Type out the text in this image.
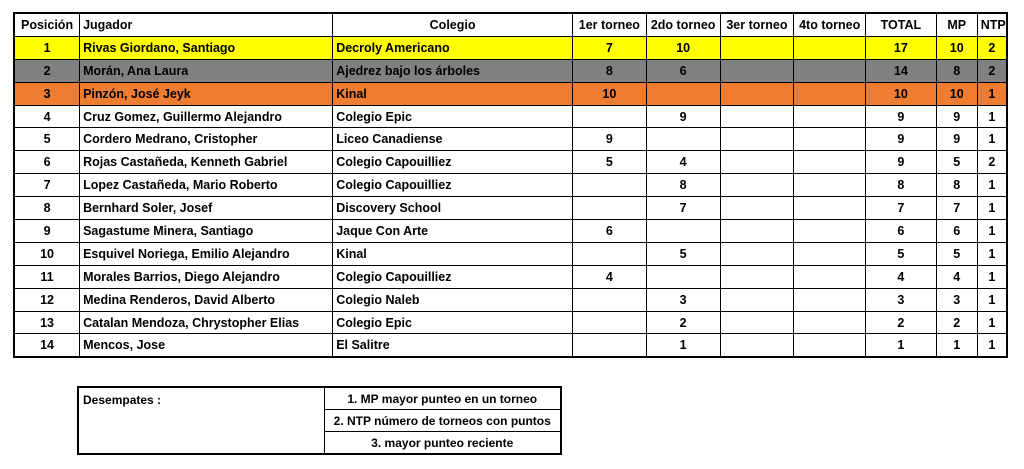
Posición	Jugador	Colegio	1er torneo	2do torneo	3er torneo	4to torneo	TOTAL	MP	NTP
1	Rivas Giordano, Santiago	Decroly Americano	7	10			17	10	2
2	Morán, Ana Laura	Ajedrez bajo los árboles	8	6			14	8	2
3	Pinzón, José Jeyk	Kinal	10				10	10	1
4	Cruz Gomez, Guillermo Alejandro	Colegio Epic		9			9	9	1
5	Cordero Medrano, Cristopher	Liceo Canadiense	9				9	9	1
6	Rojas Castañeda, Kenneth Gabriel	Colegio Capouilliez	5	4			9	5	2
7	Lopez Castañeda, Mario Roberto	Colegio Capouilliez		8			8	8	1
8	Bernhard Soler, Josef	Discovery School		7			7	7	1
9	Sagastume Minera, Santiago	Jaque Con Arte	6				6	6	1
10	Esquivel Noriega, Emilio Alejandro	Kinal		5			5	5	1
11	Morales Barrios, Diego Alejandro	Colegio Capouilliez	4				4	4	1
12	Medina Renderos, David Alberto	Colegio Naleb		3			3	3	1
13	Catalan Mendoza, Chrystopher Elias	Colegio Epic		2			2	2	1
14	Mencos, Jose	El Salitre		1			1	1	1
Desempates :	1. MP mayor punteo en un torneo
2. NTP número de torneos con puntos
3. mayor punteo reciente
